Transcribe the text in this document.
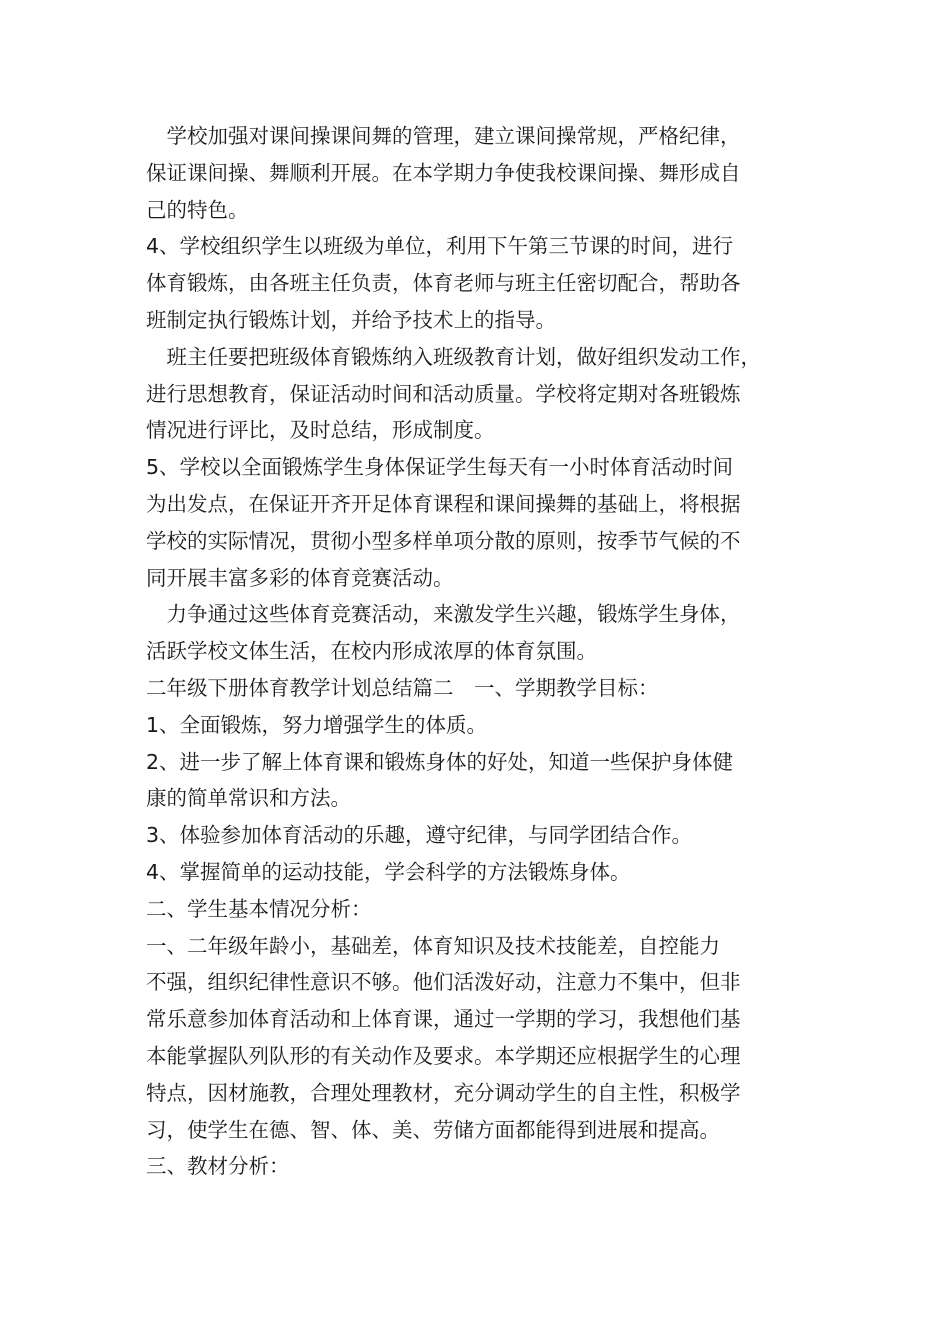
　学校加强对课间操课间舞的管理，建立课间操常规，严格纪律，
保证课间操、舞顺利开展。在本学期力争使我校课间操、舞形成自
己的特色。
4、学校组织学生以班级为单位，利用下午第三节课的时间，进行
体育锻炼，由各班主任负责，体育老师与班主任密切配合，帮助各
班制定执行锻炼计划，并给予技术上的指导。
　班主任要把班级体育锻炼纳入班级教育计划，做好组织发动工作，
进行思想教育，保证活动时间和活动质量。学校将定期对各班锻炼
情况进行评比，及时总结，形成制度。
5、学校以全面锻炼学生身体保证学生每天有一小时体育活动时间
为出发点，在保证开齐开足体育课程和课间操舞的基础上，将根据
学校的实际情况，贯彻小型多样单项分散的原则，按季节气候的不
同开展丰富多彩的体育竞赛活动。
　力争通过这些体育竞赛活动，来激发学生兴趣，锻炼学生身体，
活跃学校文体生活，在校内形成浓厚的体育氛围。
二年级下册体育教学计划总结篇二　一、学期教学目标：
1、全面锻炼，努力增强学生的体质。
2、进一步了解上体育课和锻炼身体的好处，知道一些保护身体健
康的简单常识和方法。
3、体验参加体育活动的乐趣，遵守纪律，与同学团结合作。
4、掌握简单的运动技能，学会科学的方法锻炼身体。
二、学生基本情况分析：
一、二年级年龄小，基础差，体育知识及技术技能差，自控能力
不强，组织纪律性意识不够。他们活泼好动，注意力不集中，但非
常乐意参加体育活动和上体育课，通过一学期的学习，我想他们基
本能掌握队列队形的有关动作及要求。本学期还应根据学生的心理
特点，因材施教，合理处理教材，充分调动学生的自主性，积极学
习，使学生在德、智、体、美、劳储方面都能得到进展和提高。
三、教材分析：
